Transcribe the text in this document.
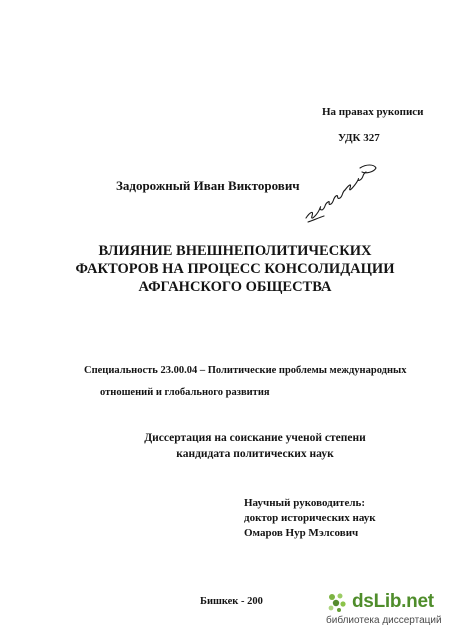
На правах рукописи
УДК 327
Задорожный Иван Викторович
ВЛИЯНИЕ ВНЕШНЕПОЛИТИЧЕСКИХ
ФАКТОРОВ НА ПРОЦЕСС КОНСОЛИДАЦИИ
АФГАНСКОГО ОБЩЕСТВА
Специальность 23.00.04 – Политические проблемы международных
отношений и глобального развития
Диссертация на соискание ученой степени
кандидата политических наук
Научный руководитель:
доктор исторических наук
Омаров Нур Мэлсович
Бишкек - 200	dsLib.net
библиотека диссертаций
